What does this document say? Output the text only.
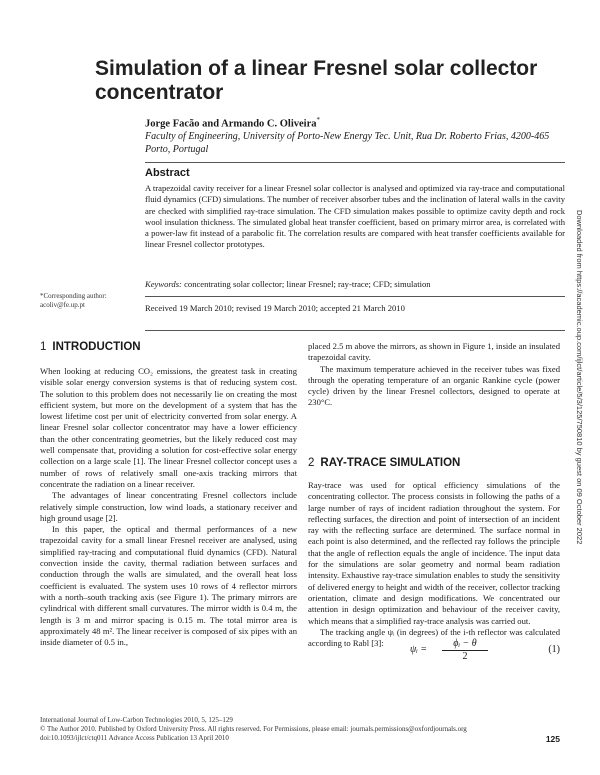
Simulation of a linear Fresnel solar collector concentrator
Jorge Facão and Armando C. Oliveira*
Faculty of Engineering, University of Porto-New Energy Tec. Unit, Rua Dr. Roberto Frias, 4200-465 Porto, Portugal
Abstract
A trapezoidal cavity receiver for a linear Fresnel solar collector is analysed and optimized via ray-trace and computational fluid dynamics (CFD) simulations. The number of receiver absorber tubes and the inclination of lateral walls in the cavity are checked with simplified ray-trace simulation. The CFD simulation makes possible to optimize cavity depth and rock wool insulation thickness. The simulated global heat transfer coefficient, based on primary mirror area, is correlated with a power-law fit instead of a parabolic fit. The correlation results are compared with heat transfer coefficients available for linear Fresnel collector prototypes.
Keywords: concentrating solar collector; linear Fresnel; ray-trace; CFD; simulation
Received 19 March 2010; revised 19 March 2010; accepted 21 March 2010
*Corresponding author:
acoliv@fe.up.pt	Downloaded from https://academic.oup.com/ijlct/article/5/3/125/750810 by guest on 09 October 2022
1 INTRODUCTION

When looking at reducing CO₂ emissions, the greatest task in creating visible solar energy conversion systems is that of reducing system cost. The solution to this problem does not necessarily lie on creating the most efficient system, but more on the development of a system that has the lowest lifetime cost per unit of electricity converted from solar energy. A linear Fresnel solar collector concentrator may have a lower efficiency than the other concentrating geometries, but the likely reduced cost may well compensate that, providing a solution for cost-effective solar energy collection on a large scale [1]. The linear Fresnel collector concept uses a number of rows of relatively small one-axis tracking mirrors that concentrate the radiation on a linear receiver.

The advantages of linear concentrating Fresnel collectors include relatively simple construction, low wind loads, a stationary receiver and high ground usage [2].

In this paper, the optical and thermal performances of a new trapezoidal cavity for a small linear Fresnel receiver are analysed, using simplified ray-tracing and computational fluid dynamics (CFD). Natural convection inside the cavity, thermal radiation between surfaces and conduction through the walls are simulated, and the overall heat loss coefficient is evaluated. The system uses 10 rows of 4 reflector mirrors with a north–south tracking axis (see Figure 1). The primary mirrors are cylindrical with different small curvatures. The mirror width is 0.4 m, the length is 3 m and mirror spacing is 0.15 m. The total mirror area is approximately 48 m². The linear receiver is composed of six pipes with an inside diameter of 0.5 in.,

placed 2.5 m above the mirrors, as shown in Figure 1, inside an insulated trapezoidal cavity.

The maximum temperature achieved in the receiver tubes was fixed through the operating temperature of an organic Rankine cycle (power cycle) driven by the linear Fresnel collectors, designed to operate at 230°C.

2 RAY-TRACE SIMULATION

Ray-trace was used for optical efficiency simulations of the concentrating collector. The process consists in following the paths of a large number of rays of incident radiation throughout the system. For reflecting surfaces, the direction and point of intersection of an incident ray with the reflecting surface are determined. The surface normal in each point is also determined, and the reflected ray follows the principle that the angle of reflection equals the angle of incidence. The input data for the simulations are solar geometry and normal beam radiation intensity. Exhaustive ray-trace simulation enables to study the sensitivity of delivered energy to height and width of the receiver, collector tracking orientation, climate and design modifications. We concentrated our attention in design optimization and behaviour of the receiver cavity, which means that a simplified ray-trace analysis was carried out.

The tracking angle ψᵢ (in degrees) of the i-th reflector was calculated according to Rabl [3]:

ψᵢ = $\frac{\text{ϕᵢ − θ}}{2}$	(1)
International Journal of Low-Carbon Technologies 2010, 5, 125–129
© The Author 2010. Published by Oxford University Press. All rights reserved. For Permissions, please email: journals.permissions@oxfordjournals.org
doi:10.1093/ijlct/ctq011 Advance Access Publication 13 April 2010	125
